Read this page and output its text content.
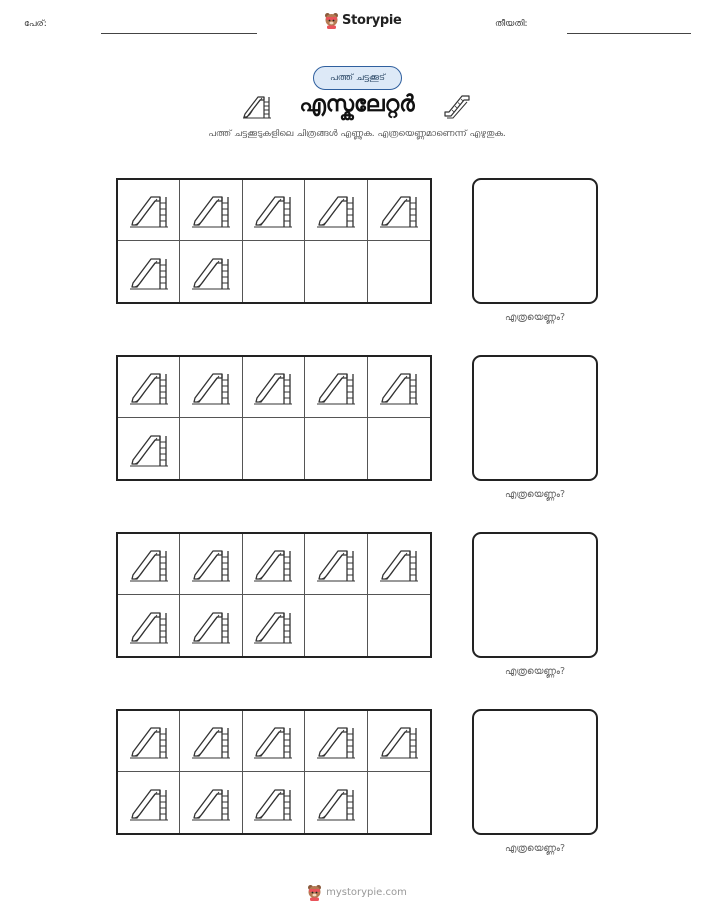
പേര്:	Storypie	തീയതി:
പത്ത് ചട്ടക്കൂട്
എസ്കലേറ്റർ
പത്ത് ചട്ടക്കൂടുകളിലെ ചിത്രങ്ങൾ എണ്ണുക. എത്രയെണ്ണമാണെന്ന് എഴുതുക.
എത്രയെണ്ണം?
എത്രയെണ്ണം?
എത്രയെണ്ണം?
എത്രയെണ്ണം?
mystorypie.com
